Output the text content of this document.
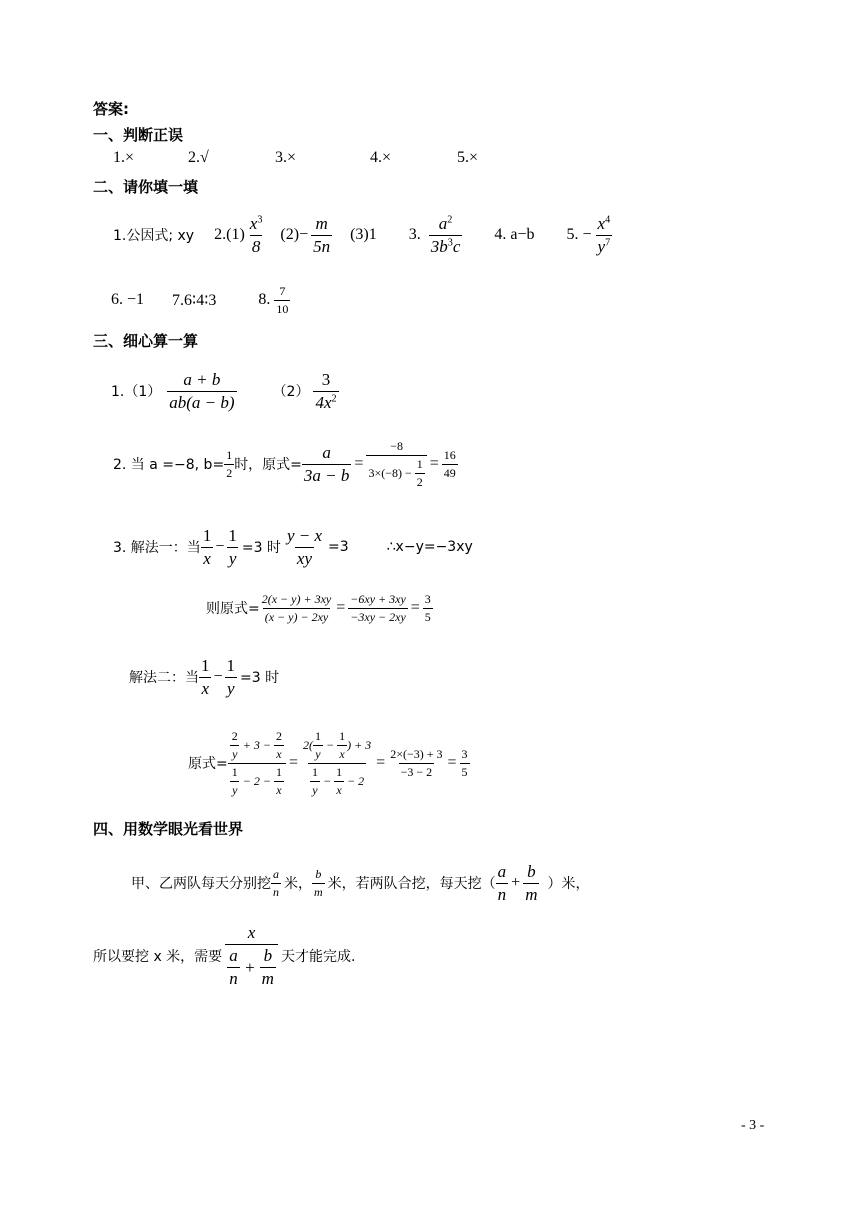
答案:
一、判断正误
1.×	2.√	3.×	4.×	5.×
二、请你填一填
1.公因式; xy $2.(1) \frac{x^3}{8} (2)- \frac{m}{5n} (3)1$ 3. $\frac{a^2}{3b^3c} 4$. a−b 5. − $\frac{x^4}{y^7}$
6. −1 7.6∶4∶3	8. $\frac{7}{10}$
三、细心算一算
$1.(1) \frac{a + b}{ab(a - b)}$	$(2) \frac{3}{4x^2}$
2. 当 a =−8, $b= \frac{1}{2}$ 时，原式= $\frac{a}{3a - b} = \frac{-8}{3\times(-8) - \frac{1}{2}} = \frac{16}{49}$
3. 解法一：当 $\frac{1}{x} - \frac{1}{y} =3$ 时 $\frac{y - x}{xy} =3$	∴x−y=−3xy
则原式= $\frac{2(x - y) + 3xy}{(x - y) - 2xy} = \frac{-6xy + 3xy}{-3xy - 2xy} = \frac{3}{5}$
解法二：当 $\frac{1}{x} - \frac{1}{y} =3$ 时
原式= $\frac{\frac{2}{y} + 3 - \frac{2}{x}}{\frac{1}{y} - 2 - \frac{1}{x}} = \frac{2( \frac{1}{y} - \frac{1}{x} ) + 3}{\frac{1}{y} - \frac{1}{x} - 2} = \frac{2\times(-3) + 3}{-3 - 2} = \frac{3}{5}$
四、用数学眼光看世界
甲、乙两队每天分别挖 $\frac{a}{n}$ 米， $\frac{b}{m}$ 米，若两队合挖，每天挖（ $\frac{a}{n} + \frac{b}{m}$ ）米，
所以要挖 x 米，需要 $\frac{x}{\frac{a}{n} + \frac{b}{m}}$ 天才能完成.
- 3 -
